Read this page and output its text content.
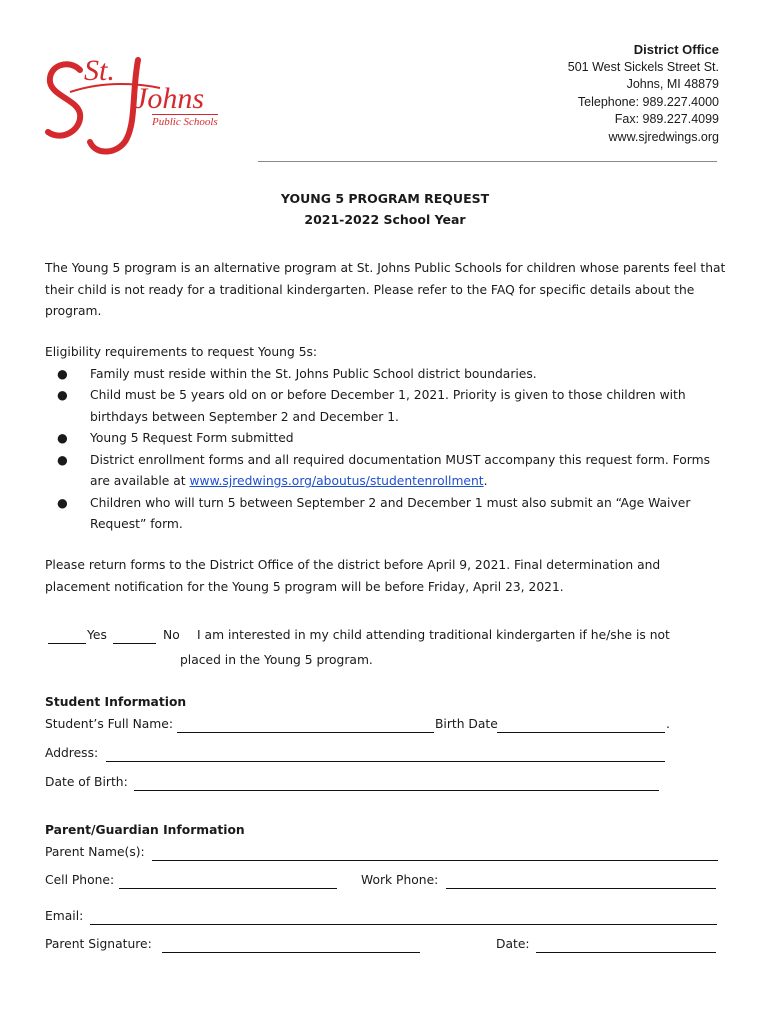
St.
Johns
Public Schools
District Office
501 West Sickels Street St.
Johns, MI 48879
Telephone: 989.227.4000
Fax: 989.227.4099
www.sjredwings.org
YOUNG 5 PROGRAM REQUEST
2021-2022 School Year
The Young 5 program is an alternative program at St. Johns Public Schools for children whose parents feel that their child is not ready for a traditional kindergarten. Please refer to the FAQ for specific details about the program.
Eligibility requirements to request Young 5s:
●	Family must reside within the St. Johns Public School district boundaries.
●	Child must be 5 years old on or before December 1, 2021. Priority is given to those children with birthdays between September 2 and December 1.
●	Young 5 Request Form submitted
●	District enrollment forms and all required documentation MUST accompany this request form. Forms are available at www.sjredwings.org/aboutus/studentenrollment.
●	Children who will turn 5 between September 2 and December 1 must also submit an “Age Waiver Request” form.
Please return forms to the District Office of the district before April 9, 2021. Final determination and placement notification for the Young 5 program will be before Friday, April 23, 2021.
Yes	No I am interested in my child attending traditional kindergarten if he/she is not
placed in the Young 5 program.
Student Information
Student’s Full Name:	Birth Date	.
Address:
Date of Birth:
Parent/Guardian Information
Parent Name(s):
Cell Phone:	Work Phone:
Email:
Parent Signature:	Date:
